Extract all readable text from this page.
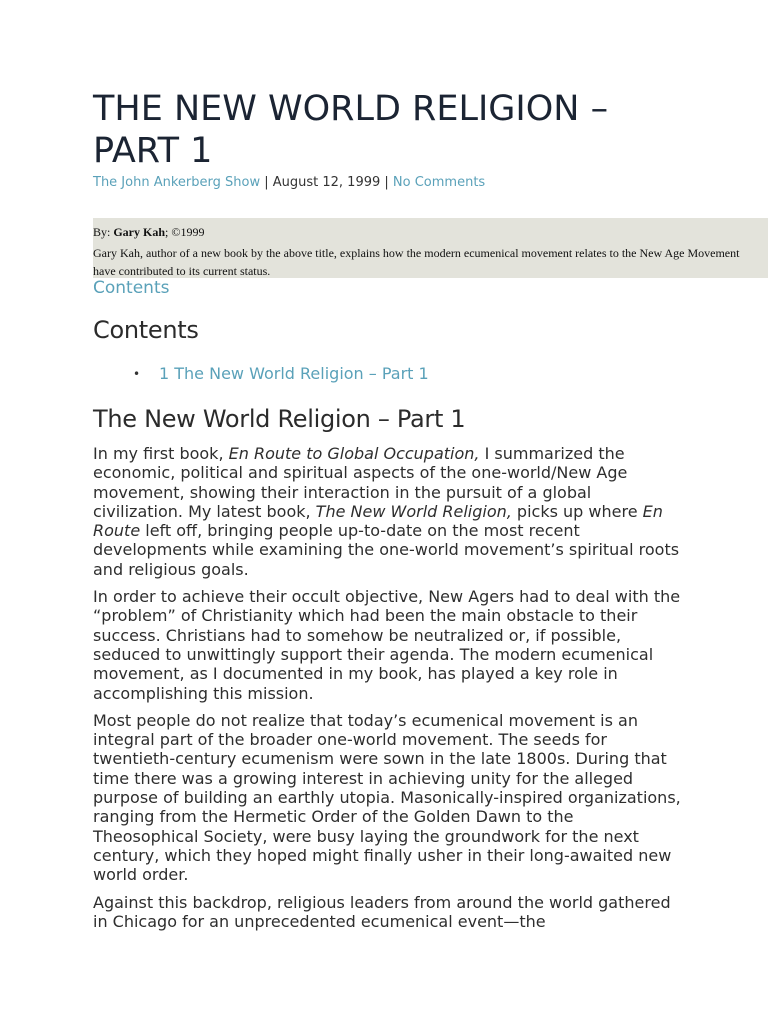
THE NEW WORLD RELIGION – PART 1
The John Ankerberg Show | August 12, 1999 | No Comments
By: Gary Kah; ©1999
Gary Kah, author of a new book by the above title, explains how the modern ecumenical movement relates to the New Age Movement
have contributed to its current status.
Contents
Contents
• 1 The New World Religion – Part 1
The New World Religion – Part 1

In my first book, En Route to Global Occupation, I summarized the economic, political and spiritual aspects of the one-world/New Age movement, showing their interaction in the pursuit of a global civilization. My latest book, The New World Religion, picks up where En Route left off, bringing people up-to-date on the most recent developments while examining the one-world movement’s spiritual roots and religious goals.

In order to achieve their occult objective, New Agers had to deal with the “problem” of Christianity which had been the main obstacle to their success. Christians had to somehow be neutralized or, if possible, seduced to unwittingly support their agenda. The modern ecumenical movement, as I documented in my book, has played a key role in accomplishing this mission.

Most people do not realize that today’s ecumenical movement is an integral part of the broader one-world movement. The seeds for twentieth-century ecumenism were sown in the late 1800s. During that time there was a growing interest in achieving unity for the alleged purpose of building an earthly utopia. Masonically-inspired organizations, ranging from the Hermetic Order of the Golden Dawn to the Theosophical Society, were busy laying the groundwork for the next century, which they hoped might finally usher in their long-awaited new world order.

Against this backdrop, religious leaders from around the world gathered in Chicago for an unprecedented ecumenical event—the
